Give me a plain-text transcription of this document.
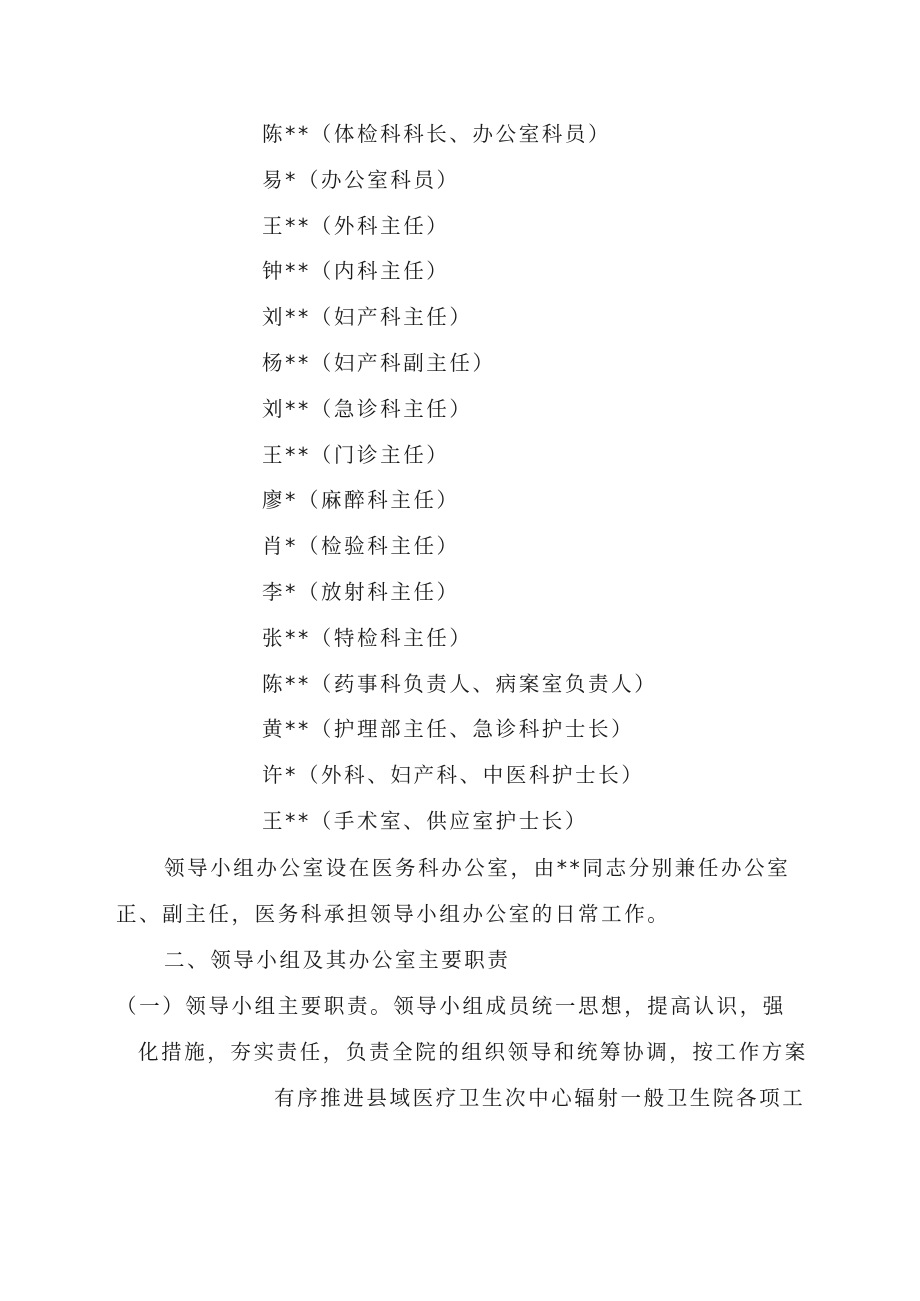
陈**（体检科科长、办公室科员）
易*（办公室科员）
王**（外科主任）
钟**（内科主任）
刘**（妇产科主任）
杨**（妇产科副主任）
刘**（急诊科主任）
王**（门诊主任）
廖*（麻醉科主任）
肖*（检验科主任）
李*（放射科主任）
张**（特检科主任）
陈**（药事科负责人、病案室负责人）
黄**（护理部主任、急诊科护士长）
许*（外科、妇产科、中医科护士长）
王**（手术室、供应室护士长）

领导小组办公室设在医务科办公室，由**同志分别兼任办公室

正、副主任，医务科承担领导小组办公室的日常工作。

二、领导小组及其办公室主要职责

（一）领导小组主要职责。领导小组成员统一思想，提高认识，强

化措施，夯实责任，负责全院的组织领导和统筹协调，按工作方案

有序推进县域医疗卫生次中心辐射一般卫生院各项工
